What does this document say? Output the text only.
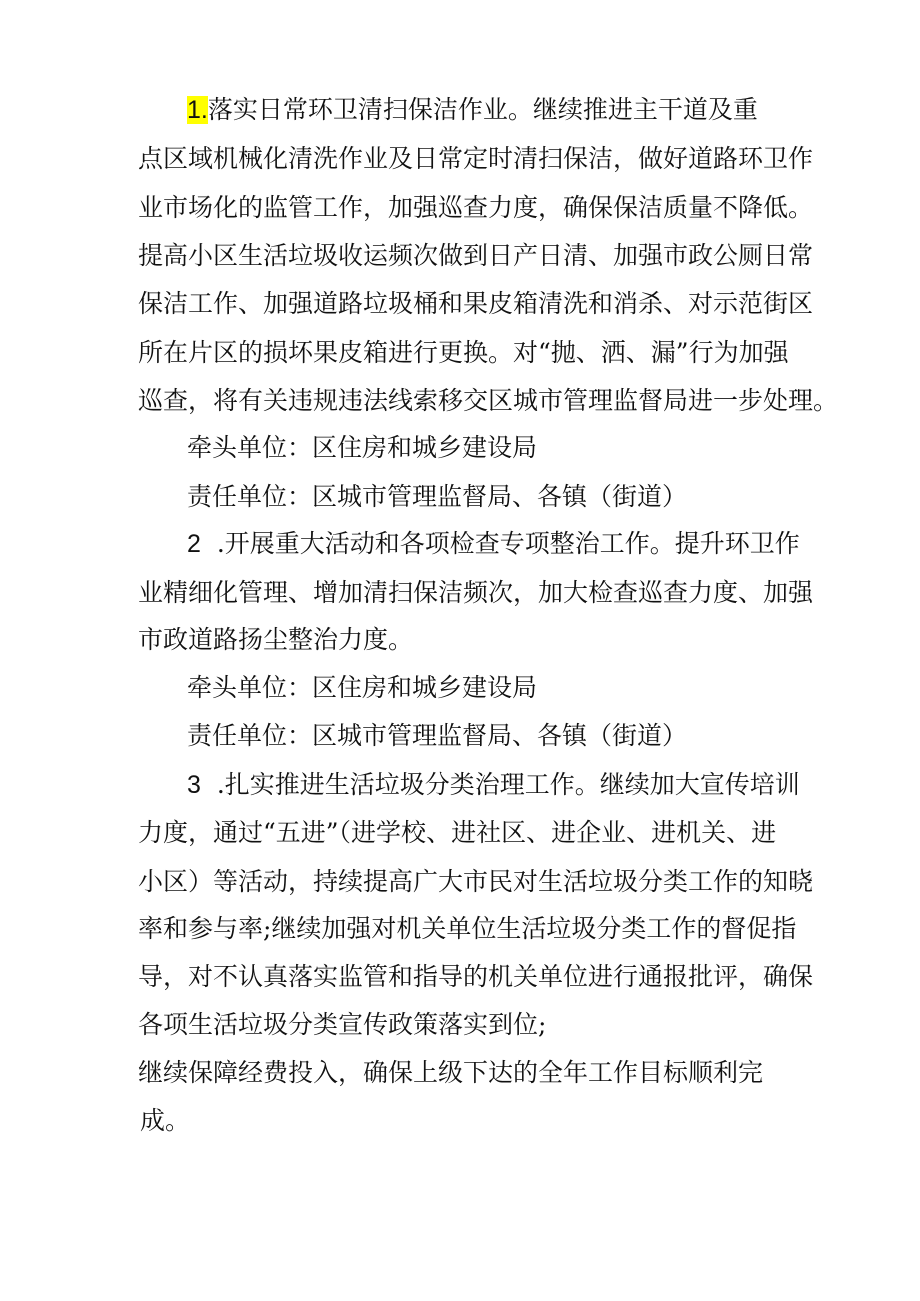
1.落实日常环卫清扫保洁作业。继续推进主干道及重
点区域机械化清洗作业及日常定时清扫保洁，做好道路环卫作
业市场化的监管工作，加强巡查力度，确保保洁质量不降低。
提高小区生活垃圾收运频次做到日产日清、加强市政公厕日常
保洁工作、加强道路垃圾桶和果皮箱清洗和消杀、对示范街区
所在片区的损坏果皮箱进行更换。对“抛、洒、漏”行为加强
巡查，将有关违规违法线索移交区城市管理监督局进一步处理。
牵头单位：区住房和城乡建设局
责任单位：区城市管理监督局、各镇（街道）
2 .开展重大活动和各项检查专项整治工作。提升环卫作
业精细化管理、增加清扫保洁频次，加大检查巡查力度、加强
市政道路扬尘整治力度。
牵头单位：区住房和城乡建设局
责任单位：区城市管理监督局、各镇（街道）
3 .扎实推进生活垃圾分类治理工作。继续加大宣传培训
力度，通过“五进”（进学校、进社区、进企业、进机关、进
小区）等活动，持续提高广大市民对生活垃圾分类工作的知晓
率和参与率;继续加强对机关单位生活垃圾分类工作的督促指
导，对不认真落实监管和指导的机关单位进行通报批评，确保
各项生活垃圾分类宣传政策落实到位;
继续保障经费投入，确保上级下达的全年工作目标顺利完
成。
